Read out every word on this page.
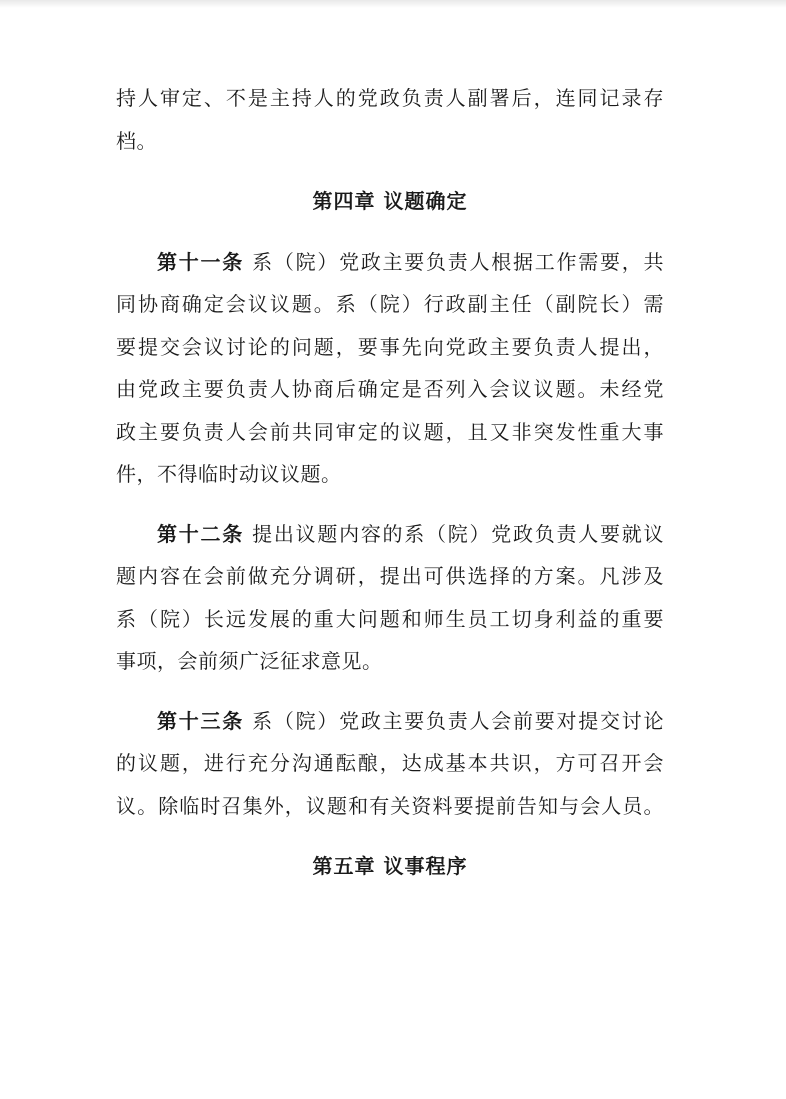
持人审定、不是主持人的党政负责人副署后，连同记录存
档。
第四章 议题确定
第十一条 系（院）党政主要负责人根据工作需要，共
同协商确定会议议题。系（院）行政副主任（副院长）需
要提交会议讨论的问题，要事先向党政主要负责人提出，
由党政主要负责人协商后确定是否列入会议议题。未经党
政主要负责人会前共同审定的议题，且又非突发性重大事
件，不得临时动议议题。
第十二条 提出议题内容的系（院）党政负责人要就议
题内容在会前做充分调研，提出可供选择的方案。凡涉及
系（院）长远发展的重大问题和师生员工切身利益的重要
事项，会前须广泛征求意见。
第十三条 系（院）党政主要负责人会前要对提交讨论
的议题，进行充分沟通酝酿，达成基本共识，方可召开会
议。除临时召集外，议题和有关资料要提前告知与会人员。
第五章 议事程序
